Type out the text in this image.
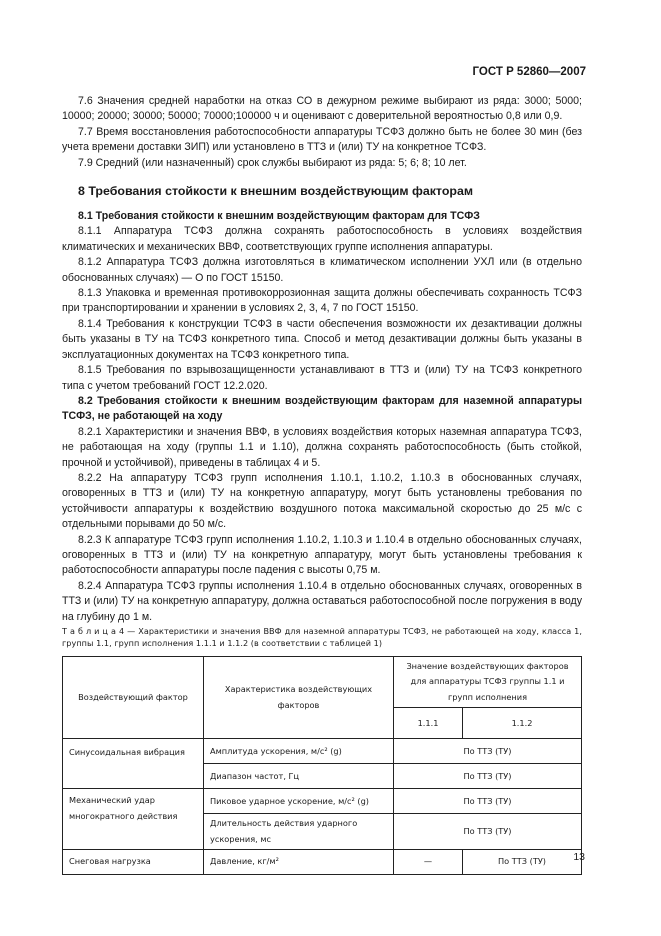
ГОСТ Р 52860—2007

7.6 Значения средней наработки на отказ СО в дежурном режиме выбирают из ряда: 3000; 5000; 10000; 20000; 30000; 50000; 70000;100000 ч и оценивают с доверительной вероятностью 0,8 или 0,9.

7.7 Время восстановления работоспособности аппаратуры ТСФЗ должно быть не более 30 мин (без учета времени доставки ЗИП) или установлено в ТТЗ и (или) ТУ на конкретное ТСФЗ.

7.9 Средний (или назначенный) срок службы выбирают из ряда: 5; 6; 8; 10 лет.

8 Требования стойкости к внешним воздействующим факторам

8.1 Требования стойкости к внешним воздействующим факторам для ТСФЗ

8.1.1 Аппаратура ТСФЗ должна сохранять работоспособность в условиях воздействия климатических и механических ВВФ, соответствующих группе исполнения аппаратуры.

8.1.2 Аппаратура ТСФЗ должна изготовляться в климатическом исполнении УХЛ или (в отдельно обоснованных случаях) — О по ГОСТ 15150.

8.1.3 Упаковка и временная противокоррозионная защита должны обеспечивать сохранность ТСФЗ при транспортировании и хранении в условиях 2, 3, 4, 7 по ГОСТ 15150.

8.1.4 Требования к конструкции ТСФЗ в части обеспечения возможности их дезактивации должны быть указаны в ТУ на ТСФЗ конкретного типа. Способ и метод дезактивации должны быть указаны в эксплуатационных документах на ТСФЗ конкретного типа.

8.1.5 Требования по взрывозащищенности устанавливают в ТТЗ и (или) ТУ на ТСФЗ конкретного типа с учетом требований ГОСТ 12.2.020.

8.2 Требования стойкости к внешним воздействующим факторам для наземной аппаратуры ТСФЗ, не работающей на ходу

8.2.1 Характеристики и значения ВВФ, в условиях воздействия которых наземная аппаратура ТСФЗ, не работающая на ходу (группы 1.1 и 1.10), должна сохранять работоспособность (быть стойкой, прочной и устойчивой), приведены в таблицах 4 и 5.

8.2.2 На аппаратуру ТСФЗ групп исполнения 1.10.1, 1.10.2, 1.10.3 в обоснованных случаях, оговоренных в ТТЗ и (или) ТУ на конкретную аппаратуру, могут быть установлены требования по устойчивости аппаратуры к воздействию воздушного потока максимальной скоростью до 25 м/с с отдельными порывами до 50 м/с.

8.2.3 К аппаратуре ТСФЗ групп исполнения 1.10.2, 1.10.3 и 1.10.4 в отдельно обоснованных случаях, оговоренных в ТТЗ и (или) ТУ на конкретную аппаратуру, могут быть установлены требования к работоспособности аппаратуры после падения с высоты 0,75 м.

8.2.4 Аппаратура ТСФЗ группы исполнения 1.10.4 в отдельно обоснованных случаях, оговоренных в ТТЗ и (или) ТУ на конкретную аппаратуру, должна оставаться работоспособной после погружения в воду на глубину до 1 м.

Т а б л и ц а 4 — Характеристики и значения ВВФ для наземной аппаратуры ТСФЗ, не работающей на ходу, класса 1, группы 1.1, групп исполнения 1.1.1 и 1.1.2 (в соответствии с таблицей 1)

Воздействующий фактор	Характеристика воздействующих факторов	Значение воздействующих факторов для аппаратуры ТСФЗ группы 1.1 и групп исполнения	
		1.1.1	1.1.2
Синусоидальная вибрация	Амплитуда ускорения, м/с² (g)	По ТТЗ (ТУ)	
	Диапазон частот, Гц	По ТТЗ (ТУ)	
Механический удар многократного действия	Пиковое ударное ускорение, м/с² (g)	По ТТЗ (ТУ)	
	Длительность действия ударного ускорения, мс	По ТТЗ (ТУ)	
Снеговая нагрузка	Давление, кг/м²	—	По ТТЗ (ТУ)	13
